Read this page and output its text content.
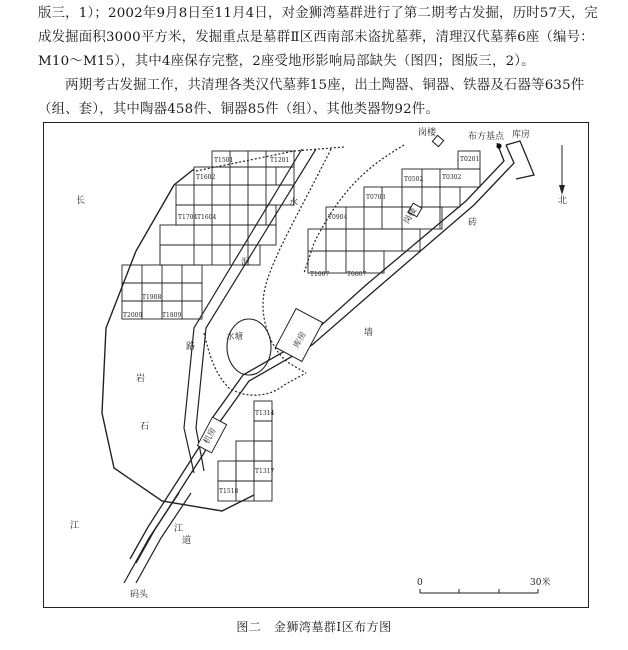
版三，1）；2002年9月8日至11月4日，对金狮湾墓群进行了第二期考古发掘，历时57天，完

成发掘面积3000平方米，发掘重点是墓群Ⅱ区西南部未盗扰墓葬，清理汉代墓葬6座（编号：

M10～M15），其中4座保存完整，2座受地形影响局部缺失（图四；图版三，2）。

　　两期考古发掘工作，共清理各类汉代墓葬15座，出土陶器、铜器、铁器及石器等635件

（组、套），其中陶器458件、铜器85件（组）、其他类器物92件。

岗楼	布方基点 库房
北
长	水
泥
路
岩
石
江
水塘	库房
机房
岗楼	砖
墙
江
道
码头
0	30米
T1501	T1201
T1602
T1704 T1604
T1908
T2009	T1809
T0201
T0502	T0302
T0703
T0904
T1007	T0807
T1314
T1317
T1518
图二　金狮湾墓群Ⅰ区布方图
